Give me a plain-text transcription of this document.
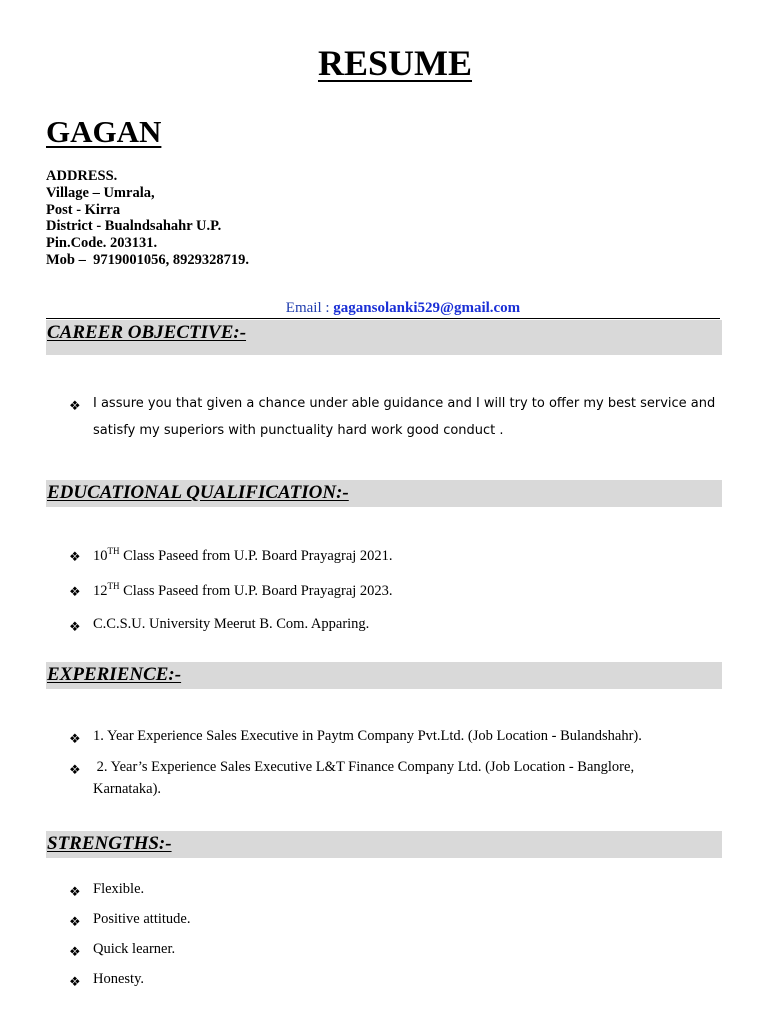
RESUME
GAGAN
ADDRESS.
Village – Umrala,
Post - Kirra
District - Bualndsahahr U.P.
Pin.Code. 203131.
Mob –  9719001056, 8929328719.
Email : gagansolanki529@gmail.com
CAREER OBJECTIVE:-
❖ I assure you that given a chance under able guidance and I will try to offer my best service and
satisfy my superiors with punctuality hard work good conduct .
EDUCATIONAL QUALIFICATION:-
❖ 10TH Class Paseed from U.P. Board Prayagraj 2021.
❖ 12TH Class Paseed from U.P. Board Prayagraj 2023.
❖ C.C.S.U. University Meerut B. Com. Apparing.
EXPERIENCE:-
❖ 1. Year Experience Sales Executive in Paytm Company Pvt.Ltd. (Job Location - Bulandshahr).
❖ 2. Year’s Experience Sales Executive L&T Finance Company Ltd. (Job Location - Banglore,
Karnataka).
STRENGTHS:-
❖ Flexible.
❖ Positive attitude.
❖ Quick learner.
❖ Honesty.
